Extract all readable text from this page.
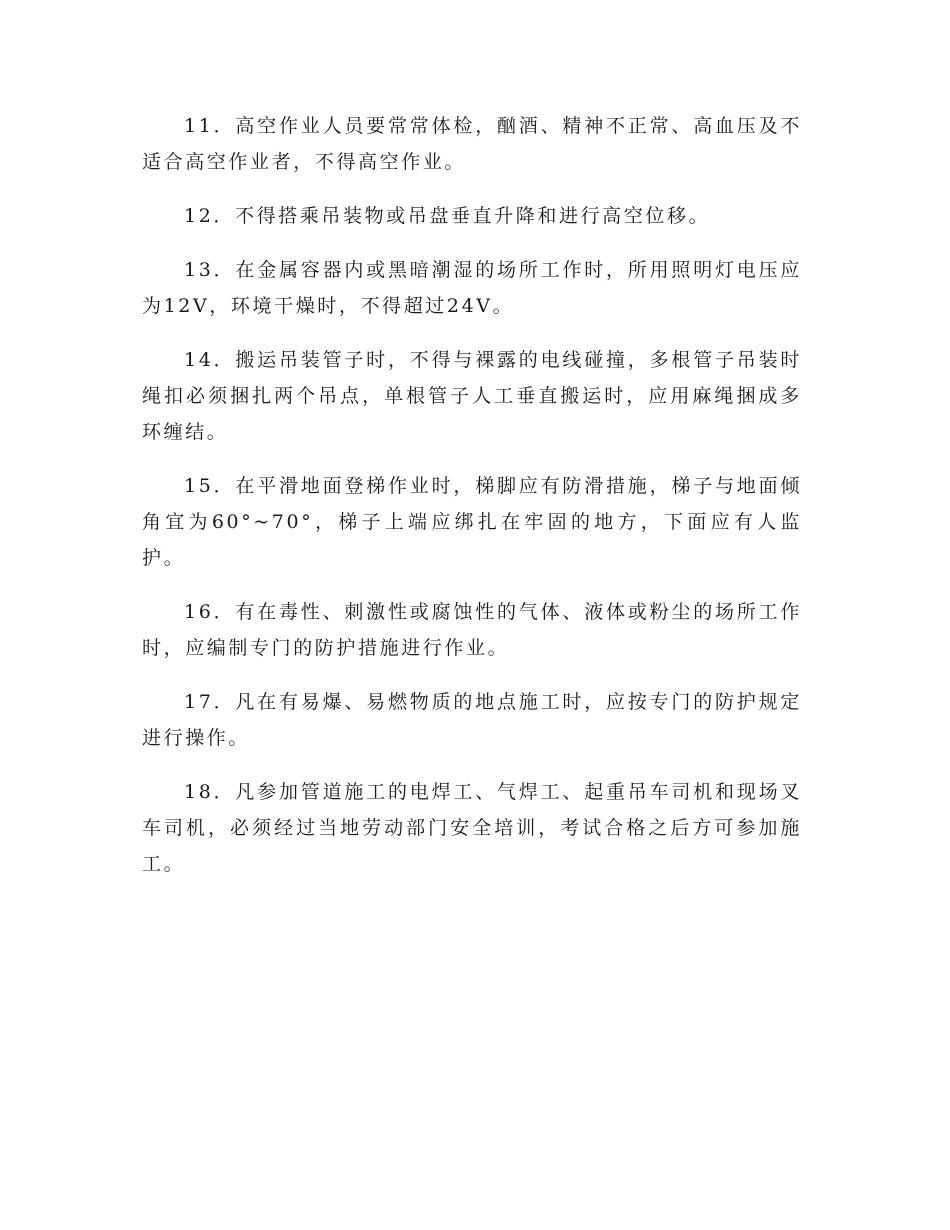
11．高空作业人员要常常体检，酗酒、精神不正常、高血压及不适合高空作业者，不得高空作业。

12．不得搭乘吊装物或吊盘垂直升降和进行高空位移。

13．在金属容器内或黑暗潮湿的场所工作时，所用照明灯电压应为12V，环境干燥时，不得超过24V。

14．搬运吊装管子时，不得与裸露的电线碰撞，多根管子吊装时绳扣必须捆扎两个吊点，单根管子人工垂直搬运时，应用麻绳捆成多环缠结。

15．在平滑地面登梯作业时，梯脚应有防滑措施，梯子与地面倾角宜为60°~70°，梯子上端应绑扎在牢固的地方，下面应有人监护。

16．有在毒性、刺激性或腐蚀性的气体、液体或粉尘的场所工作时，应编制专门的防护措施进行作业。

17．凡在有易爆、易燃物质的地点施工时，应按专门的防护规定进行操作。

18．凡参加管道施工的电焊工、气焊工、起重吊车司机和现场叉车司机，必须经过当地劳动部门安全培训，考试合格之后方可参加施工。
